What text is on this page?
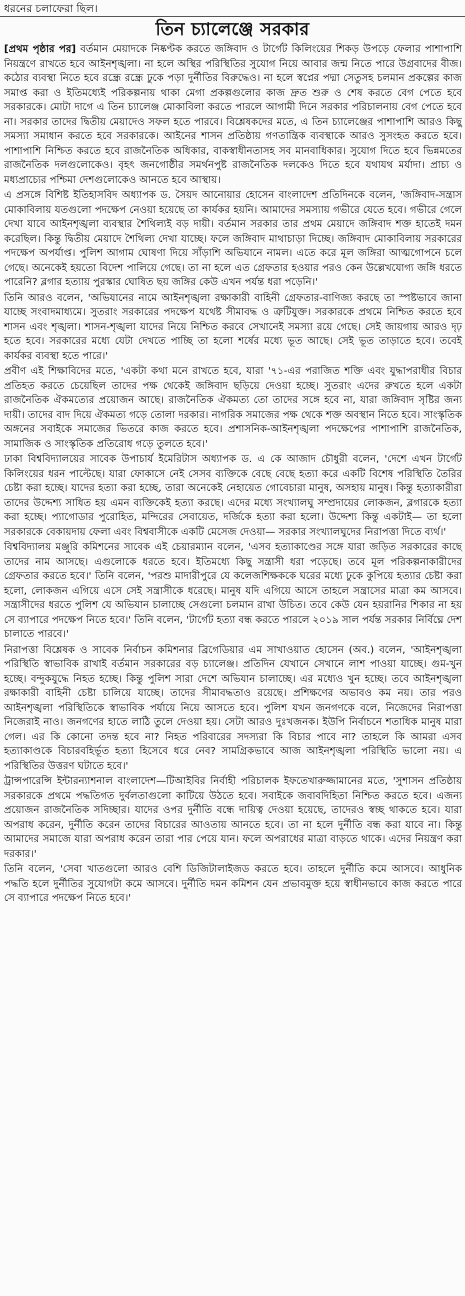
ধরনের চলাফেরা ছিল।
তিন চ্যালেঞ্জে সরকার

[প্রথম পৃষ্ঠার পর] বর্তমান মেয়াদকে নিষ্কণ্টক করতে জঙ্গিবাদ ও টার্গেট কিলিংয়ের শিকড় উপড়ে ফেলার পাশাপাশি নিয়ন্ত্রণে রাখতে হবে আইনশৃঙ্খলা। না হলে অস্থির পরিস্থিতির সুযোগ নিয়ে আবার জন্ম নিতে পারে উগ্রবাদের বীজ। কঠোর ব্যবস্থা নিতে হবে রন্ধ্রে রন্ধ্রে ঢুকে পড়া দুর্নীতির বিরুদ্ধেও। না হলে স্বপ্নের পদ্মা সেতুসহ চলমান প্রকল্পের কাজ সমাপ্ত করা ও ইতিমধ্যেই পরিকল্পনায় থাকা মেগা প্রকল্পগুলোর কাজ দ্রুত শুরু ও শেষ করতে বেগ পেতে হবে সরকারকে। মোটা দাগে এ তিন চ্যালেঞ্জ মোকাবিলা করতে পারলে আগামী দিনে সরকার পরিচালনায় বেগ পেতে হবে না। সরকার তাদের দ্বিতীয় মেয়াদেও সফল হতে পারবে। বিশ্লেষকদের মতে, এ তিন চ্যালেঞ্জের পাশাপাশি আরও কিছু সমস্যা সমাধান করতে হবে সরকারকে। আইনের শাসন প্রতিষ্ঠায় গণতান্ত্রিক ব্যবস্থাকে আরও সুসংহত করতে হবে। পাশাপাশি নিশ্চিত করতে হবে রাজনৈতিক অধিকার, বাকস্বাধীনতাসহ সব মানবাধিকার। সুযোগ দিতে হবে ভিন্নমতের রাজনৈতিক দলগুলোকেও। বৃহৎ জনগোষ্ঠীর সমর্থনপুষ্ট রাজনৈতিক দলকেও দিতে হবে যথাযথ মর্যাদা। প্রাচ্য ও মধ্যপ্রাচ্যের পশ্চিমা দেশগুলোকেও আনতে হবে আস্থায়।

এ প্রসঙ্গে বিশিষ্ট ইতিহাসবিদ অধ্যাপক ড. সৈয়দ আনোয়ার হোসেন বাংলাদেশ প্রতিদিনকে বলেন, 'জঙ্গিবাদ-সন্ত্রাস মোকাবিলায় যতগুলো পদক্ষেপ নেওয়া হয়েছে তা কার্যকর হয়নি। আমাদের সমস্যায় গভীরে যেতে হবে। গভীরে গেলে দেখা যাবে আইনশৃঙ্খলা ব্যবস্থার শৈথিল্যই বড় দায়ী। বর্তমান সরকার তার প্রথম মেয়াদে জঙ্গিবাদ শক্ত হাতেই দমন করেছিল। কিন্তু দ্বিতীয় মেয়াদে শৈথিল্য দেখা যাচ্ছে। ফলে জঙ্গিবাদ মাথাচাড়া দিচ্ছে। জঙ্গিবাদ মোকাবিলায় সরকারের পদক্ষেপ অপর্যাপ্ত। পুলিশ আগাম ঘোষণা দিয়ে সাঁড়াশি অভিযানে নামল। এতে করে মূল জঙ্গিরা আত্মগোপনে চলে গেছে। অনেকেই হয়তো বিদেশ পালিয়ে গেছে। তা না হলে এত গ্রেফতার হওয়ার পরও কেন উল্লেখযোগ্য জঙ্গি ধরতে পারেনি? ব্লগার হত্যায় পুরস্কার ঘোষিত ছয় জঙ্গির কেউ এখন পর্যন্ত ধরা পড়েনি।'

তিনি আরও বলেন, 'অভিযানের নামে আইনশৃঙ্খলা রক্ষাকারী বাহিনী গ্রেফতার-বাণিজ্য করছে তা স্পষ্টভাবে জানা যাচ্ছে সংবাদমাধ্যমে। সুতরাং সরকারের পদক্ষেপ যথেষ্ট সীমাবদ্ধ ও ত্রুটিযুক্ত। সরকারকে প্রথমে নিশ্চিত করতে হবে শাসন এবং শৃঙ্খলা। শাসন-শৃঙ্খলা যাদের নিয়ে নিশ্চিত করবে সেখানেই সমস্যা রয়ে গেছে। সেই জায়গায় আরও দৃঢ় হতে হবে। সরকারের মধ্যে যেটা দেখতে পাচ্ছি তা হলো শর্ষের মধ্যে ভূত আছে। সেই ভূত তাড়াতে হবে। তবেই কার্যকর ব্যবস্থা হতে পারে।'

প্রবীণ এই শিক্ষাবিদের মতে, 'একটা কথা মনে রাখতে হবে, যারা '৭১-এর পরাজিত শক্তি এবং যুদ্ধাপরাধীর বিচার প্রতিহত করতে চেয়েছিল তাদের পক্ষ থেকেই জঙ্গিবাদ ছড়িয়ে দেওয়া হচ্ছে। সুতরাং এদের রুখতে হলে একটা রাজনৈতিক ঐকমত্যের প্রয়োজন আছে। রাজনৈতিক ঐকমত্য তো তাদের সঙ্গে হবে না, যারা জঙ্গিবাদ সৃষ্টির জন্য দায়ী। তাদের বাদ দিয়ে ঐকমত্য গড়ে তোলা দরকার। নাগরিক সমাজের পক্ষ থেকে শক্ত অবস্থান নিতে হবে। সাংস্কৃতিক অঙ্গনের সবাইকে সমাজের ভিতরে কাজ করতে হবে। প্রশাসনিক-আইনশৃঙ্খলা পদক্ষেপের পাশাপাশি রাজনৈতিক, সামাজিক ও সাংস্কৃতিক প্রতিরোধ গড়ে তুলতে হবে।'

ঢাকা বিশ্ববিদ্যালয়ের সাবেক উপাচার্য ইমেরিটাস অধ্যাপক ড. এ কে আজাদ চৌধুরী বলেন, 'দেশে এখন টার্গেট কিলিংয়ের ধরন পাল্টেছে। যারা ফোকাসে নেই সেসব ব্যক্তিকে বেছে বেছে হত্যা করে একটি বিশেষ পরিস্থিতি তৈরির চেষ্টা করা হচ্ছে। যাদের হত্যা করা হচ্ছে, তারা অনেকেই নেহায়েত গোবেচারা মানুষ, অসহায় মানুষ। কিন্তু হত্যাকারীরা তাদের উদ্দেশ্য সাধিত হয় এমন ব্যক্তিকেই হত্যা করছে। এদের মধ্যে সংখ্যালঘু সম্প্রদায়ের লোকজন, ব্লগারকে হত্যা করা হচ্ছে। প্যাগোডার পুরোহিত, মন্দিরের সেবায়েত, দর্জিকে হত্যা করা হলো। উদ্দেশ্য কিন্তু একটাই— তা হলো সরকারকে বেকায়দায় ফেলা এবং বিশ্ববাসীকে একটি মেসেজ দেওয়া— সরকার সংখ্যালঘুদের নিরাপত্তা দিতে ব্যর্থ।'

বিশ্ববিদ্যালয় মঞ্জুরি কমিশনের সাবেক এই চেয়ারম্যান বলেন, 'এসব হত্যাকাণ্ডের সঙ্গে যারা জড়িত সরকারের কাছে তাদের নাম আসছে। এগুলোকে ধরতে হবে। ইতিমধ্যে কিছু সন্ত্রাসী ধরা পড়েছে। তবে মূল পরিকল্পনাকারীদের গ্রেফতার করতে হবে।' তিনি বলেন, 'পরশু মাদারীপুরে যে কলেজশিক্ষককে ঘরের মধ্যে ঢুকে কুপিয়ে হত্যার চেষ্টা করা হলো, লোকজন এগিয়ে এসে সেই সন্ত্রাসীকে ধরেছে। মানুষ যদি এগিয়ে আসে তাহলে সন্ত্রাসের মাত্রা কম আসবে। সন্ত্রাসীদের ধরতে পুলিশ যে অভিযান চালাচ্ছে সেগুলো চলমান রাখা উচিত। তবে কেউ যেন হয়রানির শিকার না হয় সে ব্যাপারে পদক্ষেপ নিতে হবে।' তিনি বলেন, 'টার্গেট হত্যা বন্ধ করতে পারলে ২০১৯ সাল পর্যন্ত সরকার নির্বিঘ্নে দেশ চালাতে পারবে।'

নিরাপত্তা বিশ্লেষক ও সাবেক নির্বাচন কমিশনার ব্রিগেডিয়ার এম সাখাওয়াত হোসেন (অব.) বলেন, 'আইনশৃঙ্খলা পরিস্থিতি স্বাভাবিক রাখাই বর্তমান সরকারের বড় চ্যালেঞ্জ। প্রতিদিন যেখানে সেখানে লাশ পাওয়া যাচ্ছে। গুম-খুন হচ্ছে। বন্দুকযুদ্ধে নিহত হচ্ছে। কিন্তু পুলিশ সারা দেশে অভিযান চালাচ্ছে। এর মধ্যেও খুন হচ্ছে। তবে আইনশৃঙ্খলা রক্ষাকারী বাহিনী চেষ্টা চালিয়ে যাচ্ছে। তাদের সীমাবদ্ধতাও রয়েছে। প্রশিক্ষণের অভাবও কম নয়। তার পরও আইনশৃঙ্খলা পরিস্থিতিকে স্বাভাবিক পর্যায়ে নিয়ে আসতে হবে। পুলিশ যখন জনগণকে বলে, নিজেদের নিরাপত্তা নিজেরাই নাও। জনগণের হাতে লাঠি তুলে দেওয়া হয়। সেটা আরও দুঃখজনক। ইউপি নির্বাচনে শতাধিক মানুষ মারা গেল। এর কি কোনো তদন্ত হবে না? নিহত পরিবারের সদস্যরা কি বিচার পাবে না? তাহলে কি আমরা এসব হত্যাকাণ্ডকে বিচারবহির্ভূত হত্যা হিসেবে ধরে নেব? সামগ্রিকভাবে আজ আইনশৃঙ্খলা পরিস্থিতি ভালো নয়। এ পরিস্থিতির উত্তরণ ঘটাতে হবে।'

ট্রান্সপারেন্সি ইন্টারন্যাশনাল বাংলাদেশ—টিআইবির নির্বাহী পরিচালক ইফতেখারুজ্জামানের মতে, 'সুশাসন প্রতিষ্ঠায় সরকারকে প্রথমে পদ্ধতিগত দুর্বলতাগুলো কাটিয়ে উঠতে হবে। সবাইকে জবাবদিহিতা নিশ্চিত করতে হবে। এজন্য প্রয়োজন রাজনৈতিক সদিচ্ছার। যাদের ওপর দুর্নীতি বন্ধে দায়িত্ব দেওয়া হয়েছে, তাদেরও স্বচ্ছ থাকতে হবে। যারা অপরাধ করেন, দুর্নীতি করেন তাদের বিচারের আওতায় আনতে হবে। তা না হলে দুর্নীতি বন্ধ করা যাবে না। কিন্তু আমাদের সমাজে যারা অপরাধ করেন তারা পার পেয়ে যান। ফলে অপরাধের মাত্রা বাড়তে থাকে। এদের নিয়ন্ত্রণ করা দরকার।'

তিনি বলেন, 'সেবা খাতগুলো আরও বেশি ডিজিটালাইজড করতে হবে। তাহলে দুর্নীতি কমে আসবে। আধুনিক পদ্ধতি হলে দুর্নীতির সুযোগটা কমে আসবে। দুর্নীতি দমন কমিশন যেন প্রভাবমুক্ত হয়ে স্বাধীনভাবে কাজ করতে পারে সে ব্যাপারে পদক্ষেপ নিতে হবে।'
